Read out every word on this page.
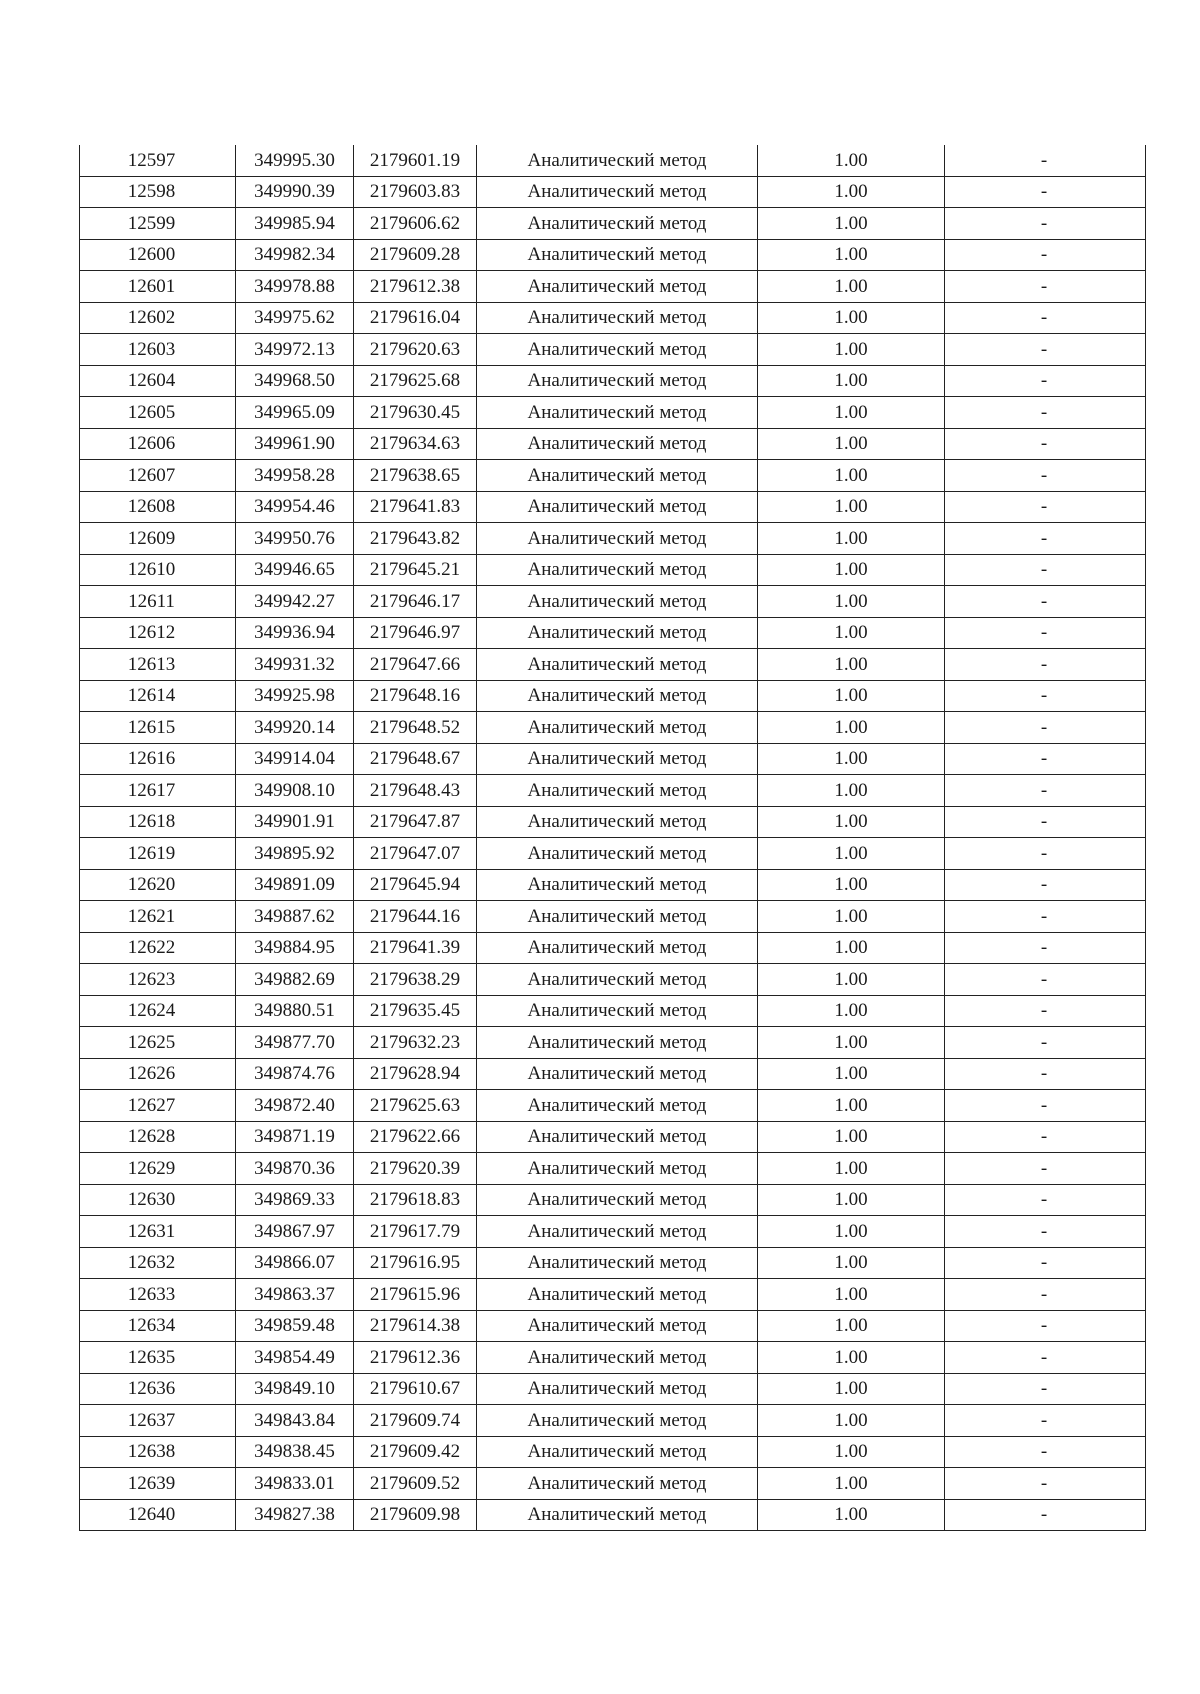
12597	349995.30	2179601.19	Аналитический метод	1.00	-
12598	349990.39	2179603.83	Аналитический метод	1.00	-
12599	349985.94	2179606.62	Аналитический метод	1.00	-
12600	349982.34	2179609.28	Аналитический метод	1.00	-
12601	349978.88	2179612.38	Аналитический метод	1.00	-
12602	349975.62	2179616.04	Аналитический метод	1.00	-
12603	349972.13	2179620.63	Аналитический метод	1.00	-
12604	349968.50	2179625.68	Аналитический метод	1.00	-
12605	349965.09	2179630.45	Аналитический метод	1.00	-
12606	349961.90	2179634.63	Аналитический метод	1.00	-
12607	349958.28	2179638.65	Аналитический метод	1.00	-
12608	349954.46	2179641.83	Аналитический метод	1.00	-
12609	349950.76	2179643.82	Аналитический метод	1.00	-
12610	349946.65	2179645.21	Аналитический метод	1.00	-
12611	349942.27	2179646.17	Аналитический метод	1.00	-
12612	349936.94	2179646.97	Аналитический метод	1.00	-
12613	349931.32	2179647.66	Аналитический метод	1.00	-
12614	349925.98	2179648.16	Аналитический метод	1.00	-
12615	349920.14	2179648.52	Аналитический метод	1.00	-
12616	349914.04	2179648.67	Аналитический метод	1.00	-
12617	349908.10	2179648.43	Аналитический метод	1.00	-
12618	349901.91	2179647.87	Аналитический метод	1.00	-
12619	349895.92	2179647.07	Аналитический метод	1.00	-
12620	349891.09	2179645.94	Аналитический метод	1.00	-
12621	349887.62	2179644.16	Аналитический метод	1.00	-
12622	349884.95	2179641.39	Аналитический метод	1.00	-
12623	349882.69	2179638.29	Аналитический метод	1.00	-
12624	349880.51	2179635.45	Аналитический метод	1.00	-
12625	349877.70	2179632.23	Аналитический метод	1.00	-
12626	349874.76	2179628.94	Аналитический метод	1.00	-
12627	349872.40	2179625.63	Аналитический метод	1.00	-
12628	349871.19	2179622.66	Аналитический метод	1.00	-
12629	349870.36	2179620.39	Аналитический метод	1.00	-
12630	349869.33	2179618.83	Аналитический метод	1.00	-
12631	349867.97	2179617.79	Аналитический метод	1.00	-
12632	349866.07	2179616.95	Аналитический метод	1.00	-
12633	349863.37	2179615.96	Аналитический метод	1.00	-
12634	349859.48	2179614.38	Аналитический метод	1.00	-
12635	349854.49	2179612.36	Аналитический метод	1.00	-
12636	349849.10	2179610.67	Аналитический метод	1.00	-
12637	349843.84	2179609.74	Аналитический метод	1.00	-
12638	349838.45	2179609.42	Аналитический метод	1.00	-
12639	349833.01	2179609.52	Аналитический метод	1.00	-
12640	349827.38	2179609.98	Аналитический метод	1.00	-
